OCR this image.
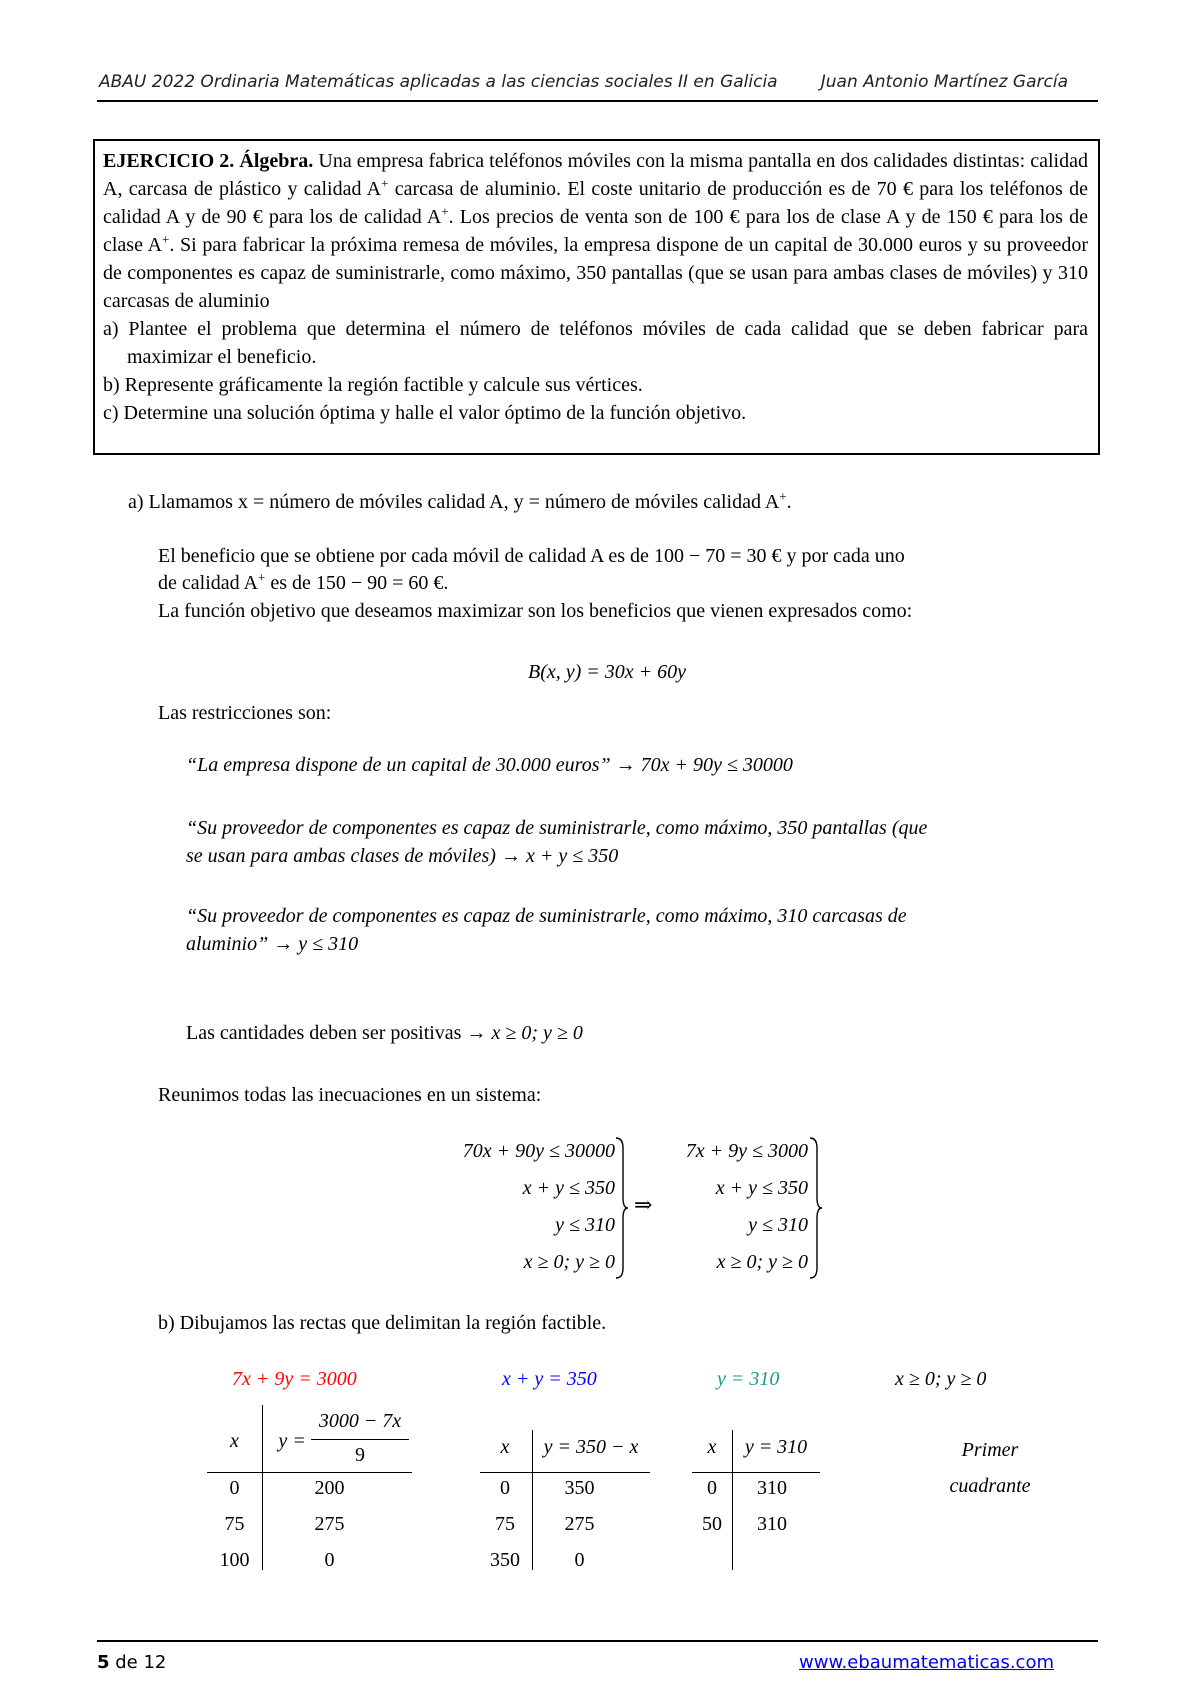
ABAU 2022 Ordinaria Matemáticas aplicadas a las ciencias sociales II en Galicia	Juan Antonio Martínez García

EJERCICIO 2. Álgebra. Una empresa fabrica teléfonos móviles con la misma pantalla en dos calidades distintas: calidad A, carcasa de plástico y calidad A+ carcasa de aluminio. El coste unitario de producción es de 70 € para los teléfonos de calidad A y de 90 € para los de calidad A+. Los precios de venta son de 100 € para los de clase A y de 150 € para los de clase A+. Si para fabricar la próxima remesa de móviles, la empresa dispone de un capital de 30.000 euros y su proveedor de componentes es capaz de suministrarle, como máximo, 350 pantallas (que se usan para ambas clases de móviles) y 310 carcasas de aluminio

a) Plantee el problema que determina el número de teléfonos móviles de cada calidad que se deben fabricar para maximizar el beneficio.

b) Represente gráficamente la región factible y calcule sus vértices.

c) Determine una solución óptima y halle el valor óptimo de la función objetivo.

a) Llamamos x = número de móviles calidad A, y = número de móviles calidad A+.
El beneficio que se obtiene por cada móvil de calidad A es de 100 − 70 = 30 € y por cada uno
de calidad A+ es de 150 − 90 = 60 €.
La función objetivo que deseamos maximizar son los beneficios que vienen expresados como:
B(x, y) = 30x + 60y
Las restricciones son:
“La empresa dispone de un capital de 30.000 euros” → 70x + 90y ≤ 30000
“Su proveedor de componentes es capaz de suministrarle, como máximo, 350 pantallas (que
se usan para ambas clases de móviles) → x + y ≤ 350
“Su proveedor de componentes es capaz de suministrarle, como máximo, 310 carcasas de
aluminio” → y ≤ 310
Las cantidades deben ser positivas → x ≥ 0; y ≥ 0
Reunimos todas las inecuaciones en un sistema:
70x + 90y ≤ 30000
x + y ≤ 350
y ≤ 310
x ≥ 0; y ≥ 0
⇒
7x + 9y ≤ 3000
x + y ≤ 350
y ≤ 310
x ≥ 0; y ≥ 0
b) Dibujamos las rectas que delimitan la región factible.
7x + 9y = 3000	x + y = 350	y = 310	x ≥ 0; y ≥ 0
x	y =
3000 − 7x
9
0	200
75	275
100	0
x	y = 350 − x
0	350
75	275
350	0
x	y = 310
0	310
50	310
Primer
cuadrante
5 de 12	www.ebaumatematicas.com
